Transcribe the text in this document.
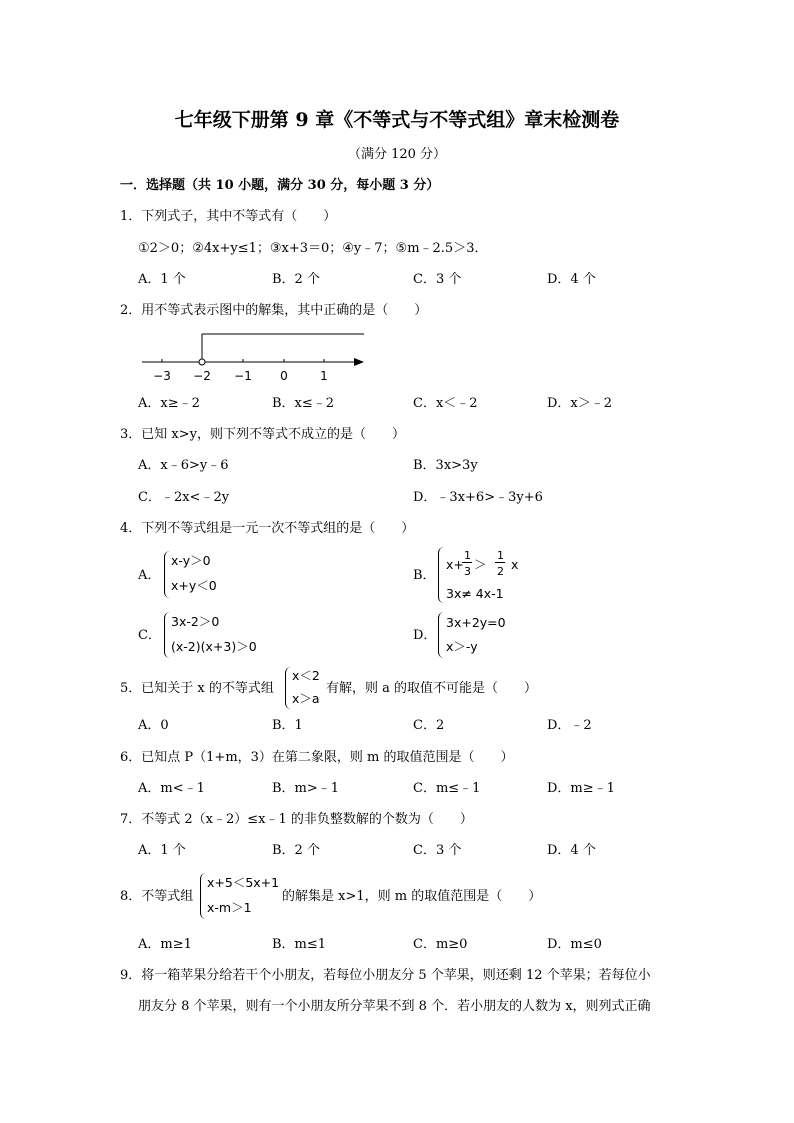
七年级下册第 9 章《不等式与不等式组》章末检测卷
（满分 120 分）
一．选择题（共 10 小题，满分 30 分，每小题 3 分）
1．下列式子，其中不等式有（　　）
①2＞0；②4x+y≤1；③x+3＝0；④y﹣7；⑤m﹣2.5＞3．
A．1 个	B．2 个	C．3 个	D．4 个
2．用不等式表示图中的解集，其中正确的是（　　）
−3 −2 −1 0	1
A．x≥﹣2	B．x≤﹣2	C．x＜﹣2	D．x＞﹣2
3．已知 x>y，则下列不等式不成立的是（　　）
A．x﹣6>y﹣6	B．3x>3y
C．﹣2x<﹣2y	D．﹣3x+6>﹣3y+6
4．下列不等式组是一元一次不等式组的是（　　）
A．
x-y＞0
x+y＜0
B．
x+
1
3 ＞
1
2 x
3x≠ 4x-1
C．
3x-2＞0
(x-2)(x+3)＞0
D．
3x+2y=0
x＞-y
5．已知关于 x 的不等式组
x＜2
x＞a
有解，则 a 的取值不可能是（　　）
A．0	B．1	C．2	D．﹣2
6．已知点 P（1+m，3）在第二象限，则 m 的取值范围是（　　）
A．m<﹣1	B．m>﹣1	C．m≤﹣1	D．m≥﹣1
7．不等式 2（x﹣2）≤x﹣1 的非负整数解的个数为（　　）
A．1 个	B．2 个	C．3 个	D．4 个
8．不等式组
x+5＜5x+1
x-m＞1
的解集是 x>1，则 m 的取值范围是（　　）
A．m≥1	B．m≤1	C．m≥0	D．m≤0
9．将一箱苹果分给若干个小朋友，若每位小朋友分 5 个苹果，则还剩 12 个苹果；若每位小
朋友分 8 个苹果，则有一个小朋友所分苹果不到 8 个．若小朋友的人数为 x，则列式正确
